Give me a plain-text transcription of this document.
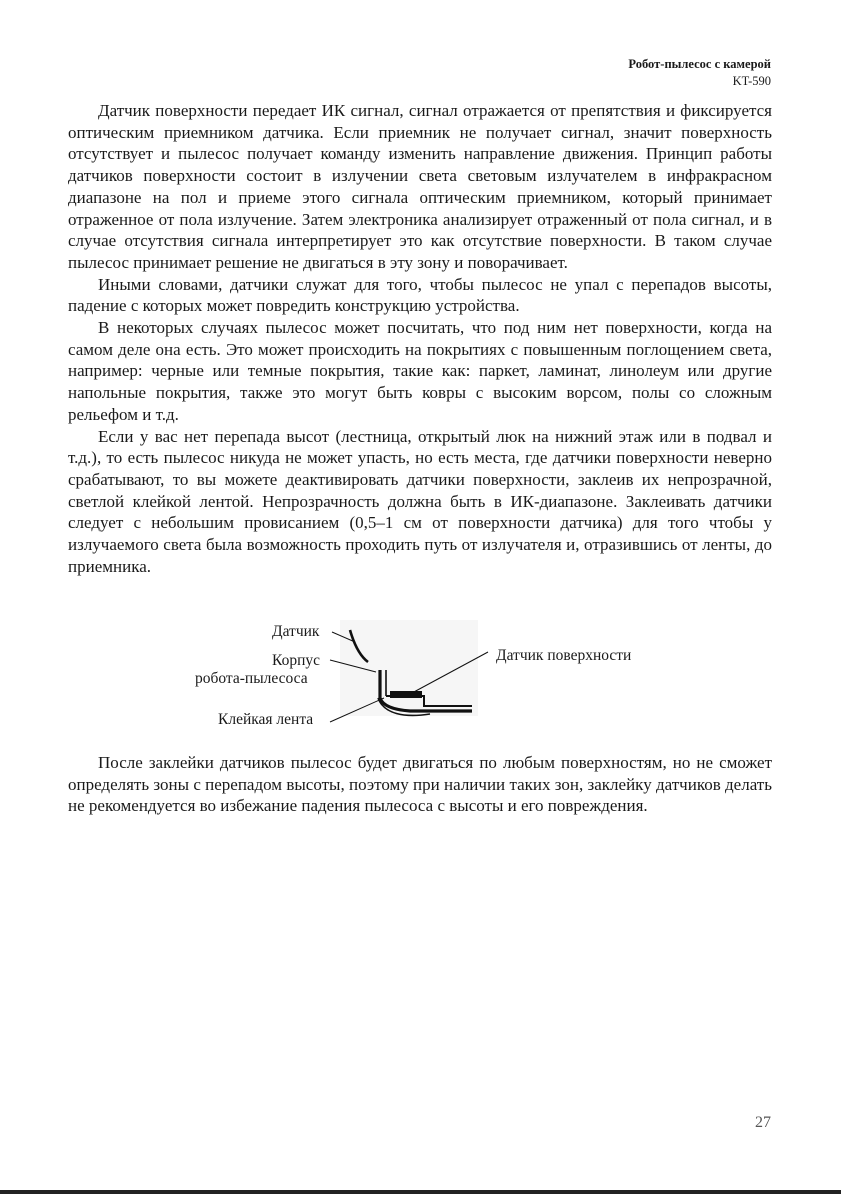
Робот-пылесос с камерой
KT-590

Датчик поверхности передает ИК сигнал, сигнал отражается от препятствия и фиксируется оптическим приемником датчика. Если приемник не получает сигнал, значит поверхность отсутствует и пылесос получает команду изменить направление движения. Принцип работы датчиков поверхности состоит в излучении света световым излучателем в инфракрасном диапазоне на пол и приеме этого сигнала оптическим приемником, который принимает отраженное от пола излучение. Затем электроника анализирует отраженный от пола сигнал, и в случае отсутствия сигнала интерпретирует это как отсутствие поверхности. В таком случае пылесос принимает решение не двигаться в эту зону и поворачивает.

Иными словами, датчики служат для того, чтобы пылесос не упал с перепадов высоты, падение с которых может повредить конструкцию устройства.

В некоторых случаях пылесос может посчитать, что под ним нет поверхности, когда на самом деле она есть. Это может происходить на покрытиях с повышенным поглощением света, например: черные или темные покрытия, такие как: паркет, ламинат, линолеум или другие напольные покрытия, также это могут быть ковры с высоким ворсом, полы со сложным рельефом и т.д.

Если у вас нет перепада высот (лестница, открытый люк на нижний этаж или в подвал и т.д.), то есть пылесос никуда не может упасть, но есть места, где датчики поверхности неверно срабатывают, то вы можете деактивировать датчики поверхности, заклеив их непрозрачной, светлой клейкой лентой. Непрозрачность должна быть в ИК-диапазоне. Заклеивать датчики следует с небольшим провисанием (0,5–1 см от поверхности датчика) для того чтобы у излучаемого света была возможность проходить путь от излучателя и, отразившись от ленты, до приемника.

Датчик
Корпус
робота-пылесоса
Клейкая лента
Датчик поверхности

После заклейки датчиков пылесос будет двигаться по любым поверхностям, но не сможет определять зоны с перепадом высоты, поэтому при наличии таких зон, заклейку датчиков делать не рекомендуется во избежание падения пылесоса с высоты и его повреждения.

27
